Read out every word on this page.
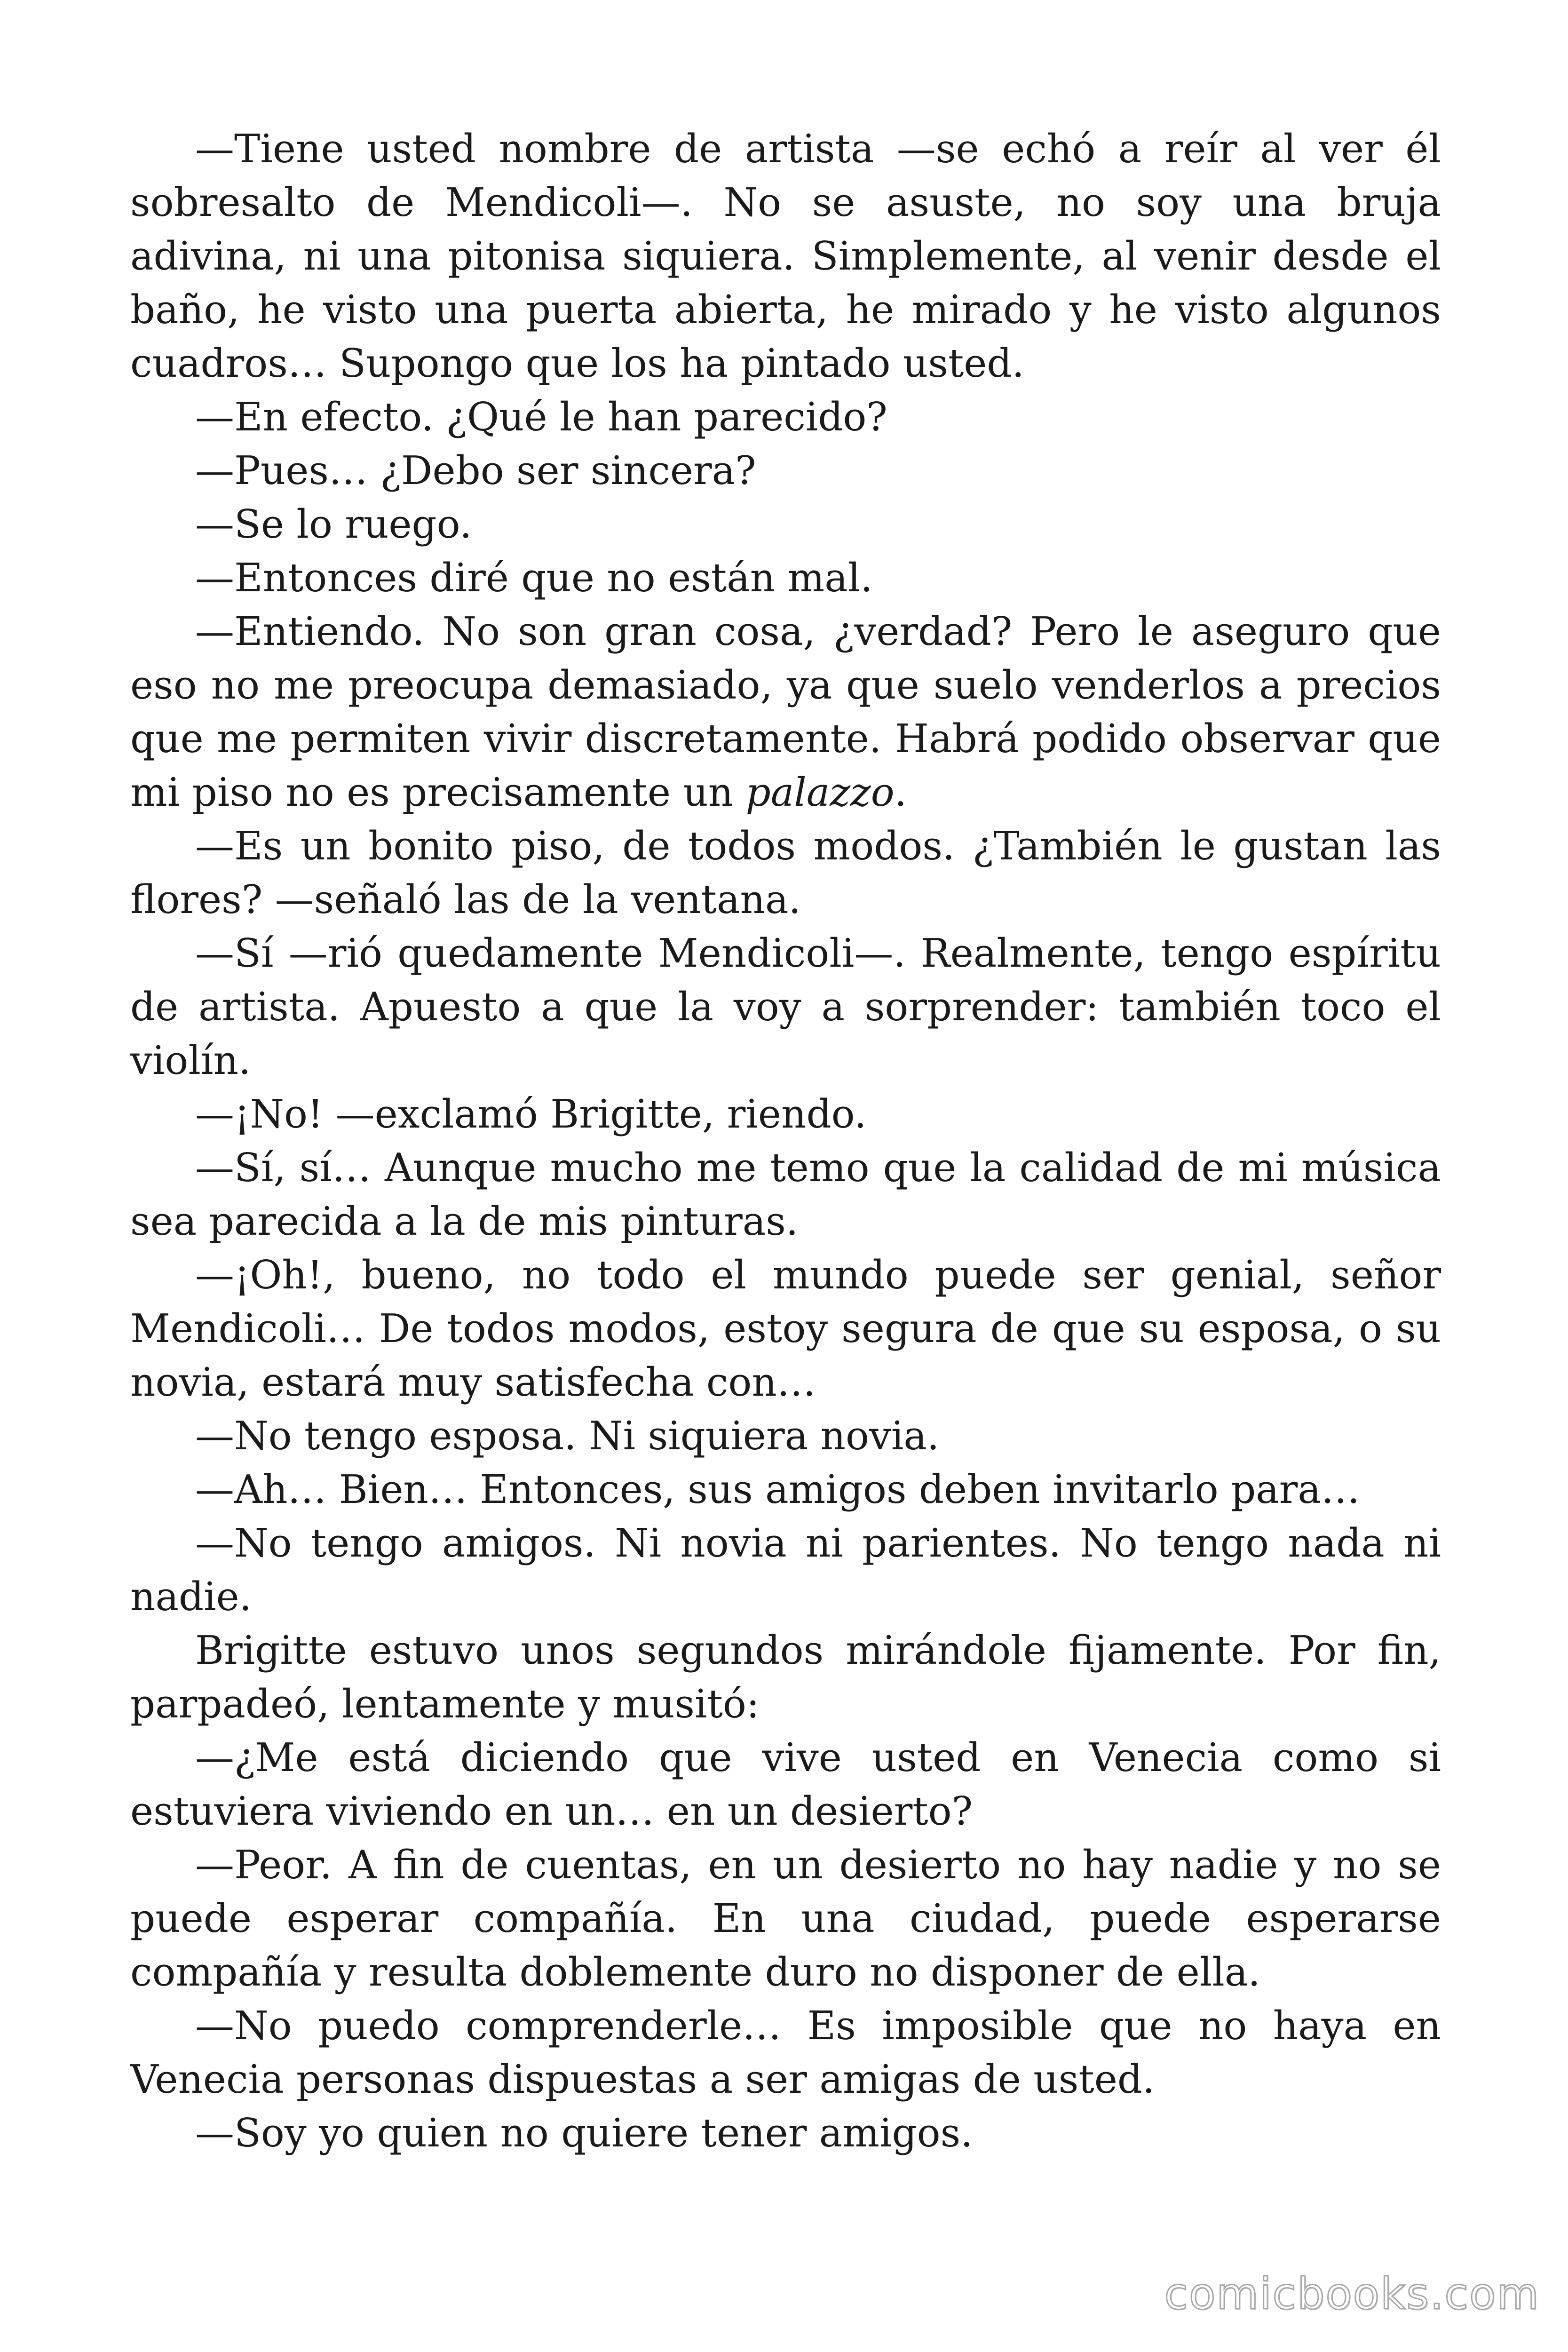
—Tiene usted nombre de artista —se echó a reír al ver él sobresalto de Mendicoli—. No se asuste, no soy una bruja adivina, ni una pitonisa siquiera. Simplemente, al venir desde el baño, he visto una puerta abierta, he mirado y he visto algunos cuadros… Supongo que los ha pintado usted.

—En efecto. ¿Qué le han parecido?

—Pues… ¿Debo ser sincera?

—Se lo ruego.

—Entonces diré que no están mal.

—Entiendo. No son gran cosa, ¿verdad? Pero le aseguro que eso no me preocupa demasiado, ya que suelo venderlos a precios que me permiten vivir discretamente. Habrá podido observar que mi piso no es precisamente un palazzo.

—Es un bonito piso, de todos modos. ¿También le gustan las flores? —señaló las de la ventana.

—Sí —rió quedamente Mendicoli—. Realmente, tengo espíritu de artista. Apuesto a que la voy a sorprender: también toco el violín.

—¡No! —exclamó Brigitte, riendo.

—Sí, sí… Aunque mucho me temo que la calidad de mi música sea parecida a la de mis pinturas.

—¡Oh!, bueno, no todo el mundo puede ser genial, señor Mendicoli… De todos modos, estoy segura de que su esposa, o su novia, estará muy satisfecha con…

—No tengo esposa. Ni siquiera novia.

—Ah… Bien… Entonces, sus amigos deben invitarlo para…

—No tengo amigos. Ni novia ni parientes. No tengo nada ni nadie.

Brigitte estuvo unos segundos mirándole fijamente. Por fin, parpadeó, lentamente y musitó:

—¿Me está diciendo que vive usted en Venecia como si estuviera viviendo en un… en un desierto?

—Peor. A fin de cuentas, en un desierto no hay nadie y no se puede esperar compañía. En una ciudad, puede esperarse compañía y resulta doblemente duro no disponer de ella.

—No puedo comprenderle… Es imposible que no haya en Venecia personas dispuestas a ser amigas de usted.

—Soy yo quien no quiere tener amigos.

comicbooks.com
